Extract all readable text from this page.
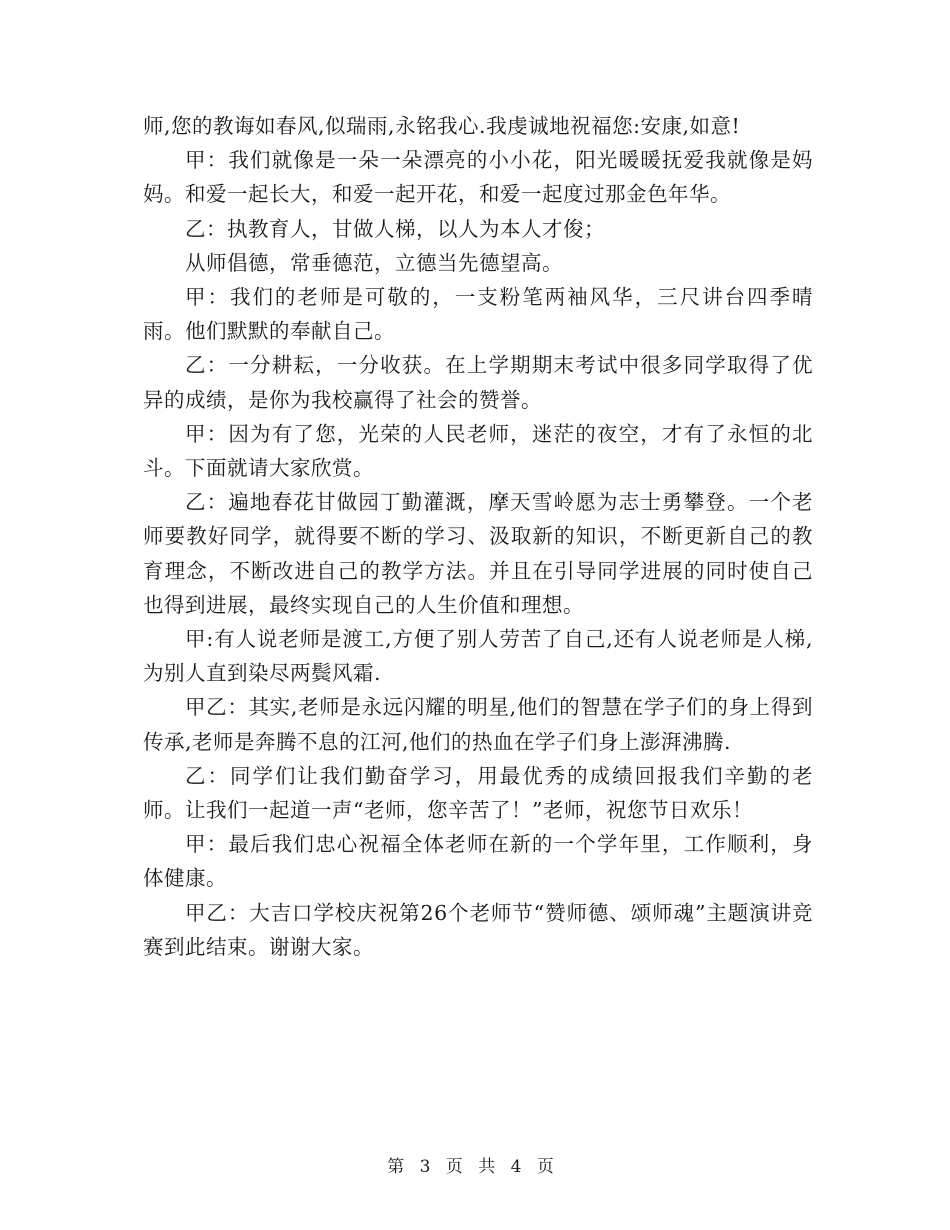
师,您的教诲如春风,似瑞雨,永铭我心.我虔诚地祝福您:安康,如意!

甲：我们就像是一朵一朵漂亮的小小花，阳光暖暖抚爱我就像是妈妈。和爱一起长大，和爱一起开花，和爱一起度过那金色年华。

乙：执教育人，甘做人梯，以人为本人才俊；

从师倡德，常垂德范，立德当先德望高。

甲：我们的老师是可敬的，一支粉笔两袖风华，三尺讲台四季晴雨。他们默默的奉献自己。

乙：一分耕耘，一分收获。在上学期期末考试中很多同学取得了优异的成绩，是你为我校赢得了社会的赞誉。

甲：因为有了您，光荣的人民老师，迷茫的夜空，才有了永恒的北斗。下面就请大家欣赏。

乙：遍地春花甘做园丁勤灌溉，摩天雪岭愿为志士勇攀登。一个老师要教好同学，就得要不断的学习、汲取新的知识，不断更新自己的教育理念，不断改进自己的教学方法。并且在引导同学进展的同时使自己也得到进展，最终实现自己的人生价值和理想。

甲:有人说老师是渡工,方便了别人劳苦了自己,还有人说老师是人梯,为别人直到染尽两鬓风霜.

甲乙：其实,老师是永远闪耀的明星,他们的智慧在学子们的身上得到传承,老师是奔腾不息的江河,他们的热血在学子们身上澎湃沸腾.

乙：同学们让我们勤奋学习，用最优秀的成绩回报我们辛勤的老师。让我们一起道一声“老师，您辛苦了！”老师，祝您节日欢乐！

甲：最后我们忠心祝福全体老师在新的一个学年里，工作顺利，身体健康。

甲乙：大吉口学校庆祝第26个老师节“赞师德、颂师魂”主题演讲竞赛到此结束。谢谢大家。

第 3 页 共 4 页
